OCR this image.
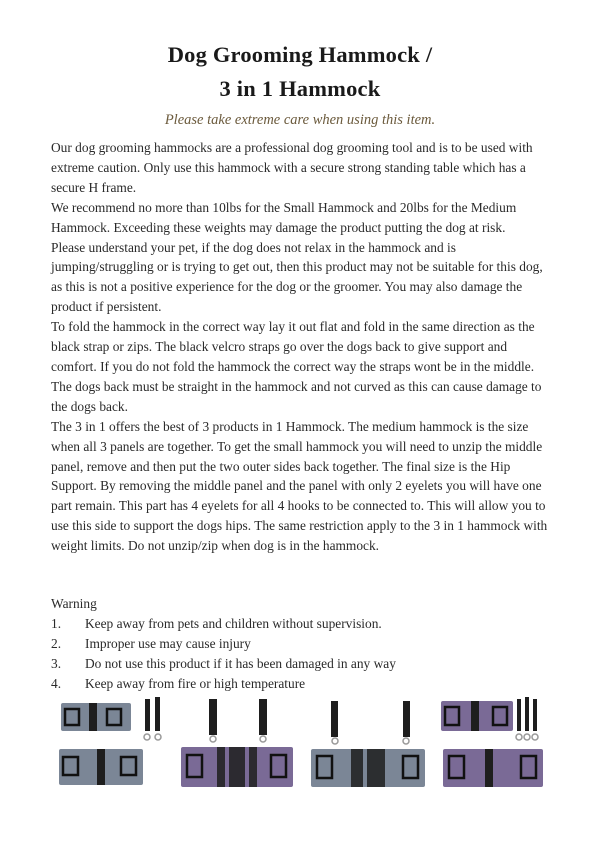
Dog Grooming Hammock /
3 in 1 Hammock
Please take extreme care when using this item.

Our dog grooming hammocks are a professional dog grooming tool and is to be used with extreme caution. Only use this hammock with a secure strong standing table which has a secure H frame.

We recommend no more than 10lbs for the Small Hammock and 20lbs for the Medium Hammock. Exceeding these weights may damage the product putting the dog at risk.

Please understand your pet, if the dog does not relax in the hammock and is jumping/struggling or is trying to get out, then this product may not be suitable for this dog, as this is not a positive experience for the dog or the groomer. You may also damage the product if persistent.

To fold the hammock in the correct way lay it out flat and fold in the same direction as the black strap or zips. The black velcro straps go over the dogs back to give support and comfort. If you do not fold the hammock the correct way the straps wont be in the middle. The dogs back must be straight in the hammock and not curved as this can cause damage to the dogs back.

The 3 in 1 offers the best of 3 products in 1 Hammock. The medium hammock is the size when all 3 panels are together. To get the small hammock you will need to unzip the middle panel, remove and then put the two outer sides back together. The final size is the Hip Support. By removing the middle panel and the panel with only 2 eyelets you will have one part remain. This part has 4 eyelets for all 4 hooks to be connected to. This will allow you to use this side to support the dogs hips. The same restriction apply to the 3 in 1 hammock with weight limits. Do not unzip/zip when dog is in the hammock.

Warning
1.	Keep away from pets and children without supervision.
2.	Improper use may cause injury
3.	Do not use this product if it has been damaged in any way
4.	Keep away from fire or high temperature
